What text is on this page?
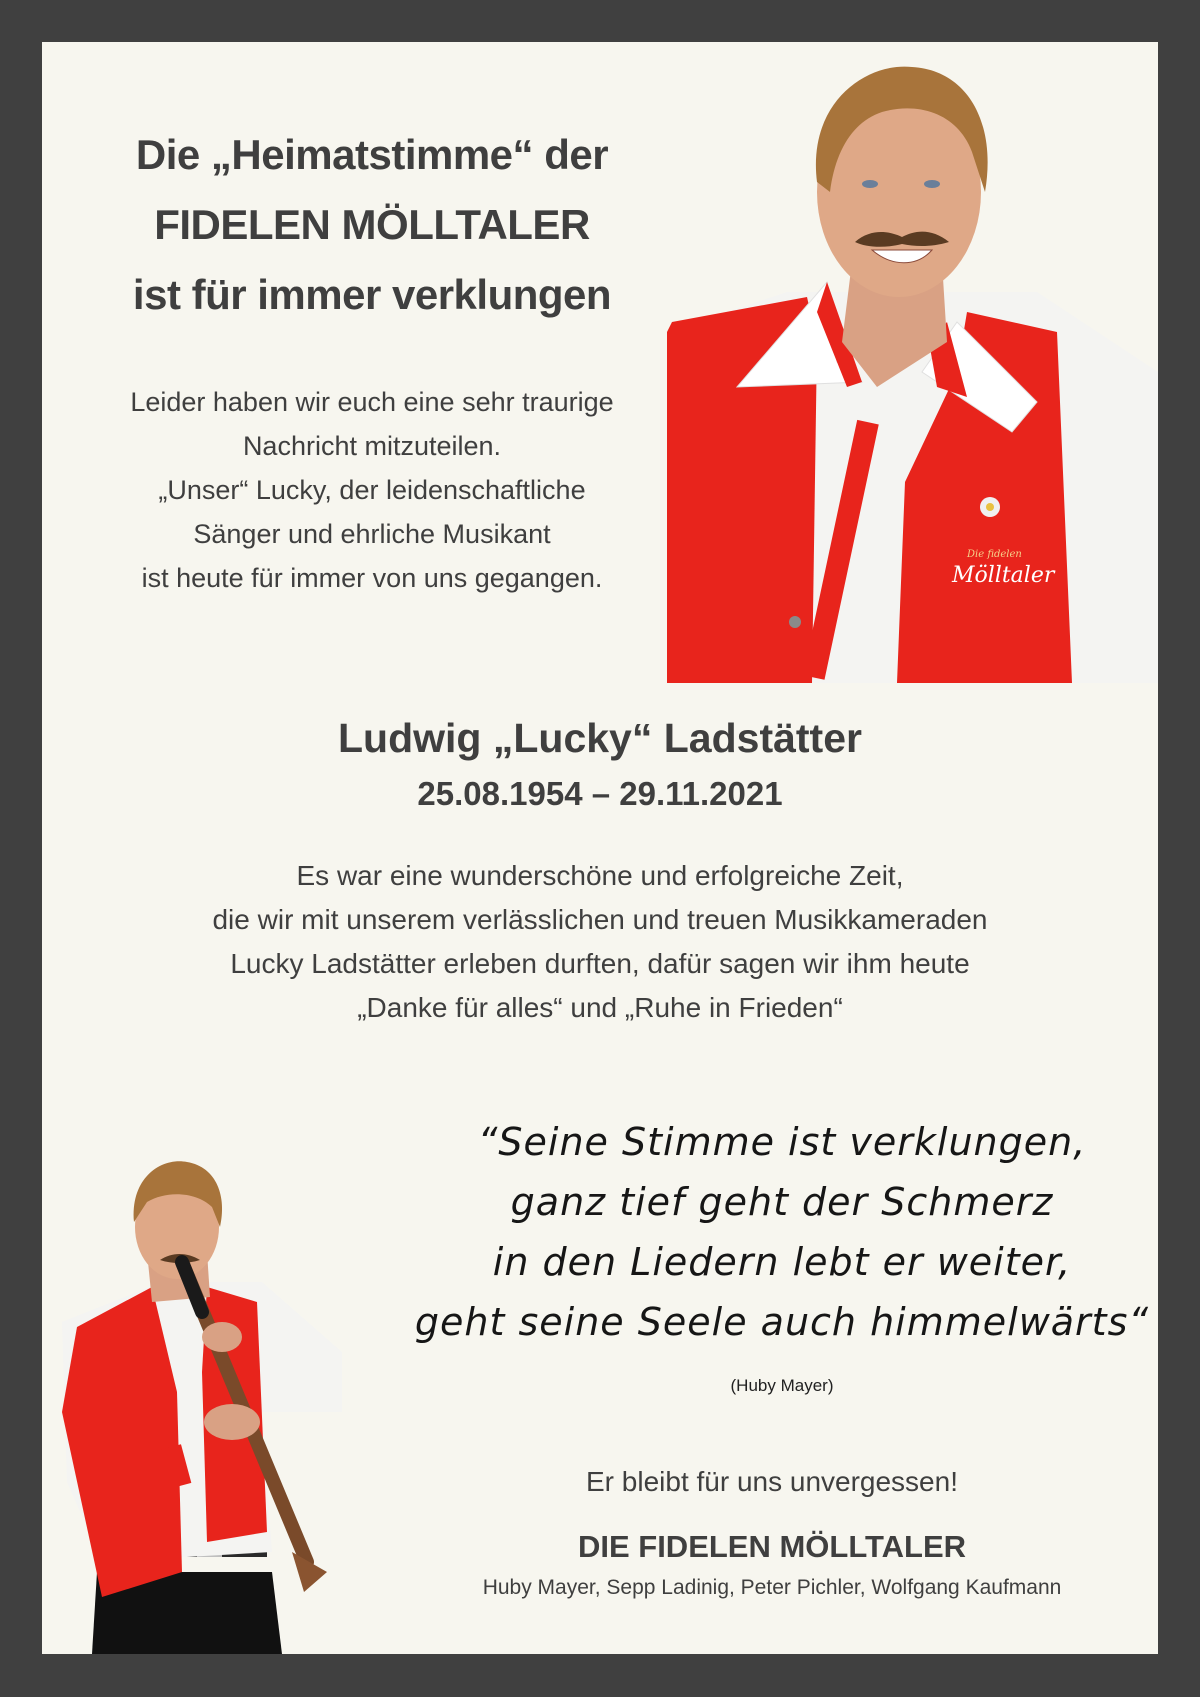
Die „Heimatstimme“ der
FIDELEN MÖLLTALER
ist für immer verklungen
Leider haben wir euch eine sehr traurige
Nachricht mitzuteilen.
„Unser“ Lucky, der leidenschaftliche
Sänger und ehrliche Musikant
ist heute für immer von uns gegangen.
Die fidelen
Mölltaler
Ludwig „Lucky“ Ladstätter
25.08.1954 – 29.11.2021
Es war eine wunderschöne und erfolgreiche Zeit,
die wir mit unserem verlässlichen und treuen Musikkameraden
Lucky Ladstätter erleben durften, dafür sagen wir ihm heute
„Danke für alles“ und „Ruhe in Frieden“
“Seine Stimme ist verklungen,
ganz tief geht der Schmerz
in den Liedern lebt er weiter,
geht seine Seele auch himmelwärts“
(Huby Mayer)
Er bleibt für uns unvergessen!
DIE FIDELEN MÖLLTALER
Huby Mayer, Sepp Ladinig, Peter Pichler, Wolfgang Kaufmann
